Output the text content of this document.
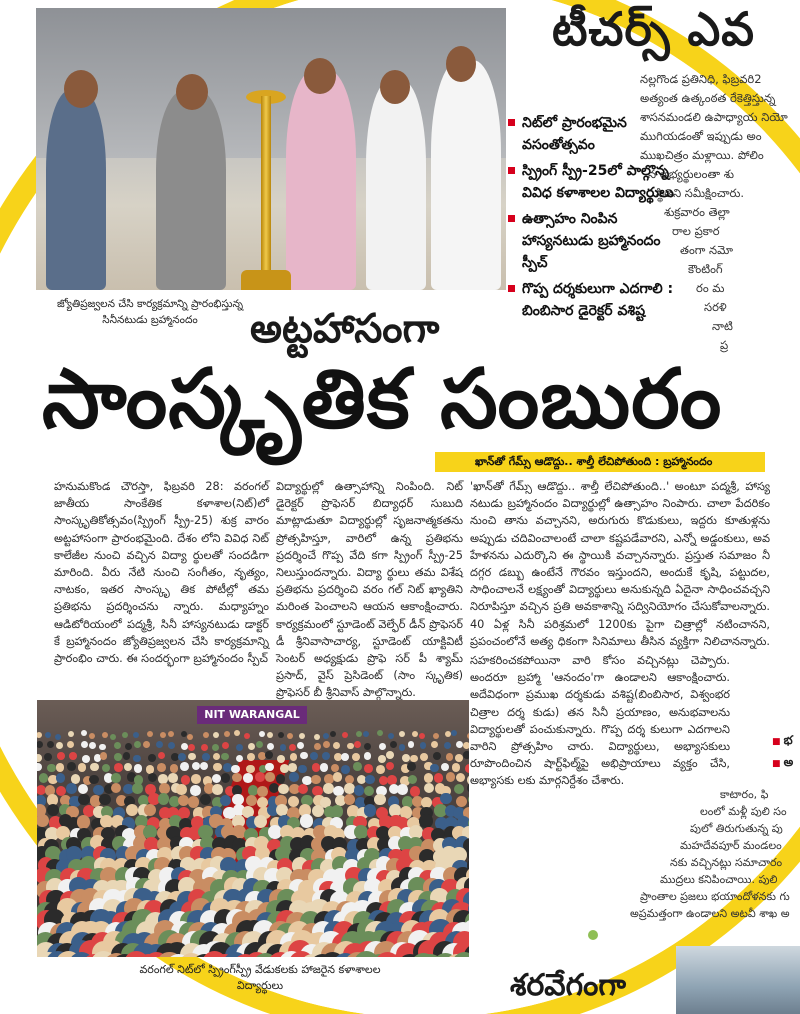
టీచర్స్ ఎవ
నల్లగొండ ప్రతినిధి, ఫిబ్రవరి2
అత్యంత ఉత్కంఠత రేకెత్తిస్తున్న
శాసనమండలి ఉపాధ్యాయ నియో
ముగియడంతో ఇప్పుడు అం
ముఖచిత్రం మళ్లాయి. పోలిం
న అభ్యర్థులంతా శు
స్థితిని సమీక్షించారు.
శుక్రవారం తెల్లా
రాల ప్రకార
తంగా నమో
కౌంటింగ్
రం మ
సరళి
నాటి
ప్ర
జ్యోతిప్రజ్వలన చేసి కార్యక్రమాన్ని ప్రారంభిస్తున్న సినీనటుడు బ్రహ్మానందం
నిట్‌లో ప్రారంభమైన వసంతోత్సవం
స్ప్రింగ్ స్ప్రీ-25లో పాల్గొన్న వివిధ కళాశాలల విద్యార్థులు
ఉత్సాహం నింపిన హాస్యనటుడు బ్రహ్మానందం స్పీచ్
గొప్ప దర్శకులుగా ఎదగాలి : బింబిసార డైరెక్టర్ వశిష్ట
అట్టహాసంగా
సాంస్కృతిక సంబురం
ఖాన్‌తో గేమ్స్ ఆడొద్దు.. శాల్తీ లేచిపోతుంది : బ్రహ్మానందం

హనుమకొండ చౌరస్తా, ఫిబ్రవరి 28: వరంగల్ జాతీయ సాంకేతిక కళాశాల(నిట్)లో సాంస్కృతికోత్సవం(స్ప్రింగ్ స్ప్రీ-25) శుక్ర వారం అట్టహాసంగా ప్రారంభమైంది. దేశం లోని వివిధ నిట్ కాలేజీల నుంచి వచ్చిన విద్యా ర్థులతో సందడిగా మారింది. వీరు నేటి నుంచి సంగీతం, నృత్యం, నాటకం, ఇతర సాంస్కృ తిక పోటీల్లో తమ ప్రతిభను ప్రదర్శించను న్నారు. మధ్యాహ్నం ఆడిటోరియంలో పద్మశ్రీ, సినీ హాస్యనటుడు డాక్టర్ కే బ్రహ్మానందం జ్యోతిప్రజ్వలన చేసి కార్యక్రమాన్ని ప్రారంభిం చారు. ఈ సందర్భంగా బ్రహ్మానందం స్పీచ్

విద్యార్థుల్లో ఉత్సాహాన్ని నింపింది. నిట్ డైరెక్టర్ ప్రొఫెసర్ బిద్యాధర్ సుబుది మాట్లాడుతూ విద్యార్థుల్లో సృజనాత్మకతను ప్రోత్సహిస్తూ, వారిలో ఉన్న ప్రతిభను ప్రదర్శించే గొప్ప వేది కగా స్ప్రింగ్ స్ప్రీ-25 నిలుస్తుందన్నారు. విద్యా ర్థులు తమ విశేష ప్రతిభను ప్రదర్శించి వరం గల్ నిట్ ఖ్యాతిని మరింత పెంచాలని ఆయన ఆకాంక్షించారు. కార్యక్రమంలో స్టూడెంట్ వెల్ఫేర్ డీన్ ప్రొఫెసర్ డీ శ్రీనివాసాచార్య, స్టూడెంట్ యాక్టివిటీ సెంటర్ అధ్యక్షుడు ప్రొఫె సర్ పీ శ్యామ్ ప్రసాద్, వైస్ ప్రెసిడెంట్ (సాం స్కృతిక) ప్రొఫెసర్ బీ శ్రీనివాస్ పాల్గొన్నారు.

'ఖాన్‌తో గేమ్స్ ఆడొద్దు.. శాల్తీ లేచిపోతుంది..' అంటూ పద్మశ్రీ, హాస్య నటుడు బ్రహ్మానందం విద్యార్థుల్లో ఉత్సాహం నింపారు. చాలా పేదరికం నుంచి తాను వచ్చానని, అరుగురు కొడుకులు, ఇద్దరు కూతుళ్లను అప్పుడు చదివించాలంటే చాలా కష్టపడేవారని, ఎన్నో అడ్డంకులు, అవ హేళనను ఎదుర్కొని ఈ స్థాయికి వచ్చానన్నారు. ప్రస్తుత సమాజం నీ దగ్గర డబ్బు ఉంటేనే గౌరవం ఇస్తుందని, అందుకే కృషి, పట్టుదల, సాధించాలనే లక్ష్యంతో విద్యార్థులు అనుకున్నది ఏదైనా సాధించవచ్చని నిరూపిస్తూ వచ్చిన ప్రతి అవకాశాన్ని సద్వినియోగం చేసుకోవాలన్నారు. 40 ఏళ్ల సినీ పరిశ్రమలో 1200కు పైగా చిత్రాల్లో నటించానని, ప్రపంచంలోనే అత్య ధికంగా సినిమాలు తీసిన వ్యక్తిగా నిలిచానన్నారు.

సహకరించకపోయినా వారి కోసం వచ్చినట్లు చెప్పారు. అందరూ బ్రహ్మా 'ఆనందం'గా ఉండాలని ఆకాంక్షించారు. అదేవిధంగా ప్రముఖ దర్శకుడు వశిష్ట(బింబిసార, విశ్వంభర చిత్రాల దర్శ కుడు) తన సినీ ప్రయాణం, అనుభవాలను విద్యార్థులతో పంచుకున్నారు. గొప్ప దర్శ కులుగా ఎదగాలని వారిని ప్రోత్సహిం చారు. విద్యార్థులు, అభ్యాసకులు రూపొందించిన షార్ట్‌ఫిల్మ్‌పై అభిప్రాయాలు వ్యక్తం చేసి, అభ్యాసకు లకు మార్గనిర్దేశం చేశారు.

NIT WARANGAL
వరంగల్ నిట్‌లో స్ప్రింగ్‌స్ప్రీ వేడుకలకు హాజరైన కళాశాలల విద్యార్థులు
■ భ
■ అ
కాటారం, ఫి
లంలో మళ్లీ పులి సం
పులో తిరుగుతున్న పు
మహదేవపూర్ మండలం
నకు వచ్చినట్లు సమాచారం
ముద్రలు కనిపించాయి. పులి
ప్రాంతాల ప్రజలు భయాందోళనకు గు
అప్రమత్తంగా ఉండాలని అటవీ శాఖ అ
శరవేగంగా
